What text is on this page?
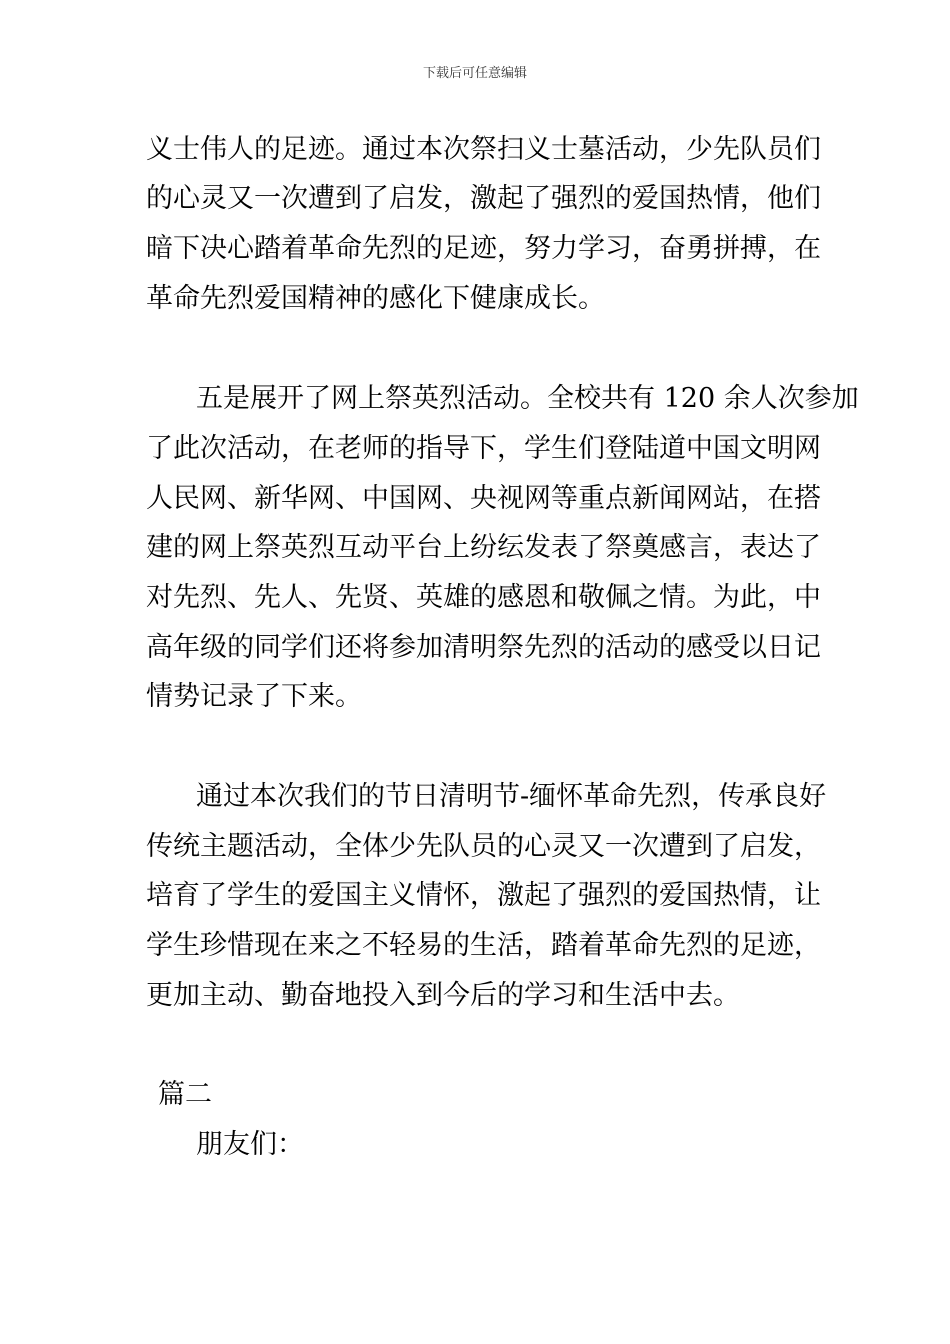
下载后可任意编辑
义士伟人的足迹。通过本次祭扫义士墓活动，少先队员们
的心灵又一次遭到了启发，激起了强烈的爱国热情，他们
暗下决心踏着革命先烈的足迹，努力学习，奋勇拼搏，在
革命先烈爱国精神的感化下健康成长。
五是展开了网上祭英烈活动。全校共有 120 余人次参加
了此次活动，在老师的指导下，学生们登陆道中国文明网
人民网、新华网、中国网、央视网等重点新闻网站，在搭
建的网上祭英烈互动平台上纷纭发表了祭奠感言，表达了
对先烈、先人、先贤、英雄的感恩和敬佩之情。为此，中
高年级的同学们还将参加清明祭先烈的活动的感受以日记
情势记录了下来。
通过本次我们的节日清明节-缅怀革命先烈，传承良好
传统主题活动，全体少先队员的心灵又一次遭到了启发，
培育了学生的爱国主义情怀，激起了强烈的爱国热情，让
学生珍惜现在来之不轻易的生活，踏着革命先烈的足迹，
更加主动、勤奋地投入到今后的学习和生活中去。
篇二
朋友们：
